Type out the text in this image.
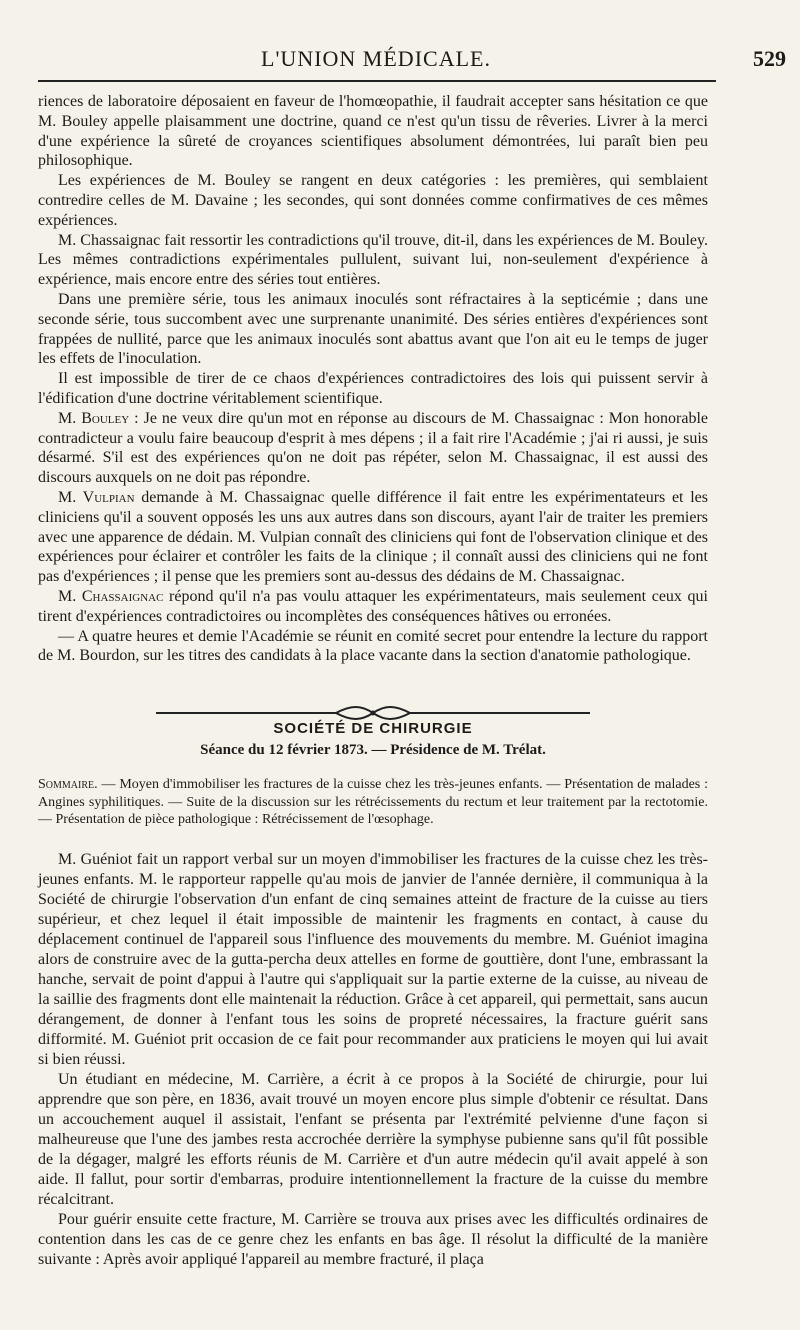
L'UNION MÉDICALE.	529

riences de laboratoire déposaient en faveur de l'homœopathie, il faudrait accepter sans hésitation ce que M. Bouley appelle plaisamment une doctrine, quand ce n'est qu'un tissu de rêveries. Livrer à la merci d'une expérience la sûreté de croyances scientifiques absolument démontrées, lui paraît bien peu philosophique.

Les expériences de M. Bouley se rangent en deux catégories : les premières, qui semblaient contredire celles de M. Davaine ; les secondes, qui sont données comme confirmatives de ces mêmes expériences.

M. Chassaignac fait ressortir les contradictions qu'il trouve, dit-il, dans les expériences de M. Bouley. Les mêmes contradictions expérimentales pullulent, suivant lui, non-seulement d'expérience à expérience, mais encore entre des séries tout entières.

Dans une première série, tous les animaux inoculés sont réfractaires à la septicémie ; dans une seconde série, tous succombent avec une surprenante unanimité. Des séries entières d'expériences sont frappées de nullité, parce que les animaux inoculés sont abattus avant que l'on ait eu le temps de juger les effets de l'inoculation.

Il est impossible de tirer de ce chaos d'expériences contradictoires des lois qui puissent servir à l'édification d'une doctrine véritablement scientifique.

M. Bouley : Je ne veux dire qu'un mot en réponse au discours de M. Chassaignac : Mon honorable contradicteur a voulu faire beaucoup d'esprit à mes dépens ; il a fait rire l'Académie ; j'ai ri aussi, je suis désarmé. S'il est des expériences qu'on ne doit pas répéter, selon M. Chassaignac, il est aussi des discours auxquels on ne doit pas répondre.

M. Vulpian demande à M. Chassaignac quelle différence il fait entre les expérimentateurs et les cliniciens qu'il a souvent opposés les uns aux autres dans son discours, ayant l'air de traiter les premiers avec une apparence de dédain. M. Vulpian connaît des cliniciens qui font de l'observation clinique et des expériences pour éclairer et contrôler les faits de la clinique ; il connaît aussi des cliniciens qui ne font pas d'expériences ; il pense que les premiers sont au-dessus des dédains de M. Chassaignac.

M. Chassaignac répond qu'il n'a pas voulu attaquer les expérimentateurs, mais seulement ceux qui tirent d'expériences contradictoires ou incomplètes des conséquences hâtives ou erronées.

— A quatre heures et demie l'Académie se réunit en comité secret pour entendre la lecture du rapport de M. Bourdon, sur les titres des candidats à la place vacante dans la section d'anatomie pathologique.

SOCIÉTÉ DE CHIRURGIE
Séance du 12 février 1873. — Présidence de M. Trélat.

Sommaire. — Moyen d'immobiliser les fractures de la cuisse chez les très-jeunes enfants. — Présentation de malades : Angines syphilitiques. — Suite de la discussion sur les rétrécissements du rectum et leur traitement par la rectotomie. — Présentation de pièce pathologique : Rétrécissement de l'œsophage.

M. Guéniot fait un rapport verbal sur un moyen d'immobiliser les fractures de la cuisse chez les très-jeunes enfants. M. le rapporteur rappelle qu'au mois de janvier de l'année dernière, il communiqua à la Société de chirurgie l'observation d'un enfant de cinq semaines atteint de fracture de la cuisse au tiers supérieur, et chez lequel il était impossible de maintenir les fragments en contact, à cause du déplacement continuel de l'appareil sous l'influence des mouvements du membre. M. Guéniot imagina alors de construire avec de la gutta-percha deux attelles en forme de gouttière, dont l'une, embrassant la hanche, servait de point d'appui à l'autre qui s'appliquait sur la partie externe de la cuisse, au niveau de la saillie des fragments dont elle maintenait la réduction. Grâce à cet appareil, qui permettait, sans aucun dérangement, de donner à l'enfant tous les soins de propreté nécessaires, la fracture guérit sans difformité. M. Guéniot prit occasion de ce fait pour recommander aux praticiens le moyen qui lui avait si bien réussi.

Un étudiant en médecine, M. Carrière, a écrit à ce propos à la Société de chirurgie, pour lui apprendre que son père, en 1836, avait trouvé un moyen encore plus simple d'obtenir ce résultat. Dans un accouchement auquel il assistait, l'enfant se présenta par l'extrémité pelvienne d'une façon si malheureuse que l'une des jambes resta accrochée derrière la symphyse pubienne sans qu'il fût possible de la dégager, malgré les efforts réunis de M. Carrière et d'un autre médecin qu'il avait appelé à son aide. Il fallut, pour sortir d'embarras, produire intentionnellement la fracture de la cuisse du membre récalcitrant.

Pour guérir ensuite cette fracture, M. Carrière se trouva aux prises avec les difficultés ordinaires de contention dans les cas de ce genre chez les enfants en bas âge. Il résolut la difficulté de la manière suivante : Après avoir appliqué l'appareil au membre fracturé, il plaça
